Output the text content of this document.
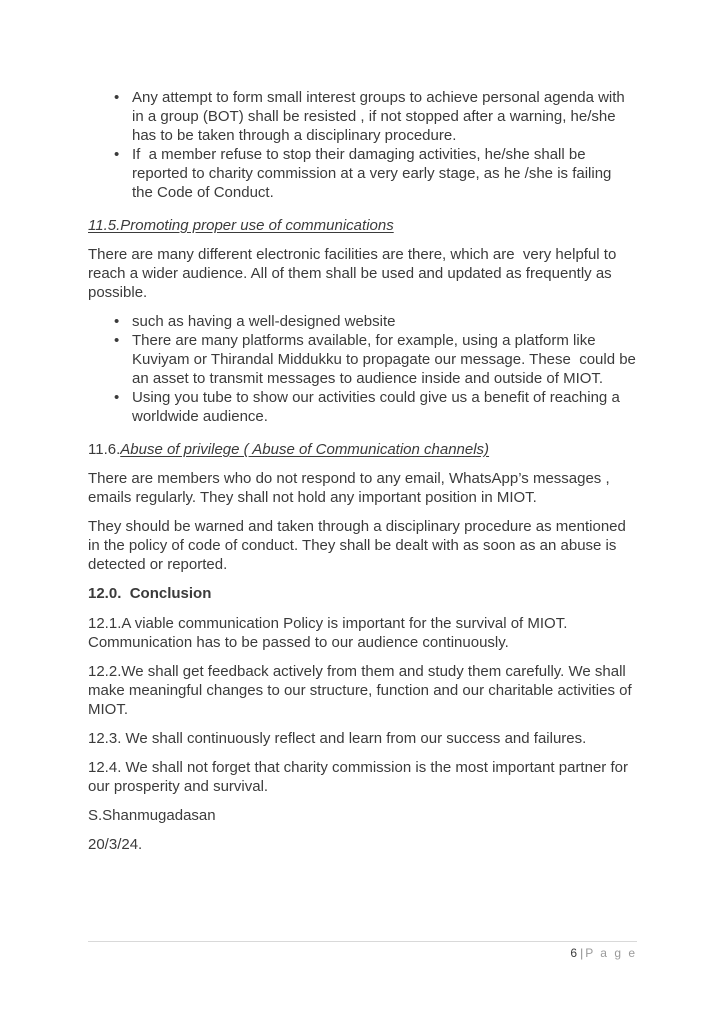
• Any attempt to form small interest groups to achieve personal agenda with in a group (BOT) shall be resisted , if not stopped after a warning, he/she has to be taken through a disciplinary procedure.
• If  a member refuse to stop their damaging activities, he/she shall be reported to charity commission at a very early stage, as he /she is failing the Code of Conduct.
11.5.Promoting proper use of communications

There are many different electronic facilities are there, which are  very helpful to reach a wider audience. All of them shall be used and updated as frequently as possible.

• such as having a well-designed website
• There are many platforms available, for example, using a platform like Kuviyam or Thirandal Middukku to propagate our message. These  could be an asset to transmit messages to audience inside and outside of MIOT.
• Using you tube to show our activities could give us a benefit of reaching a worldwide audience.
11.6.Abuse of privilege ( Abuse of Communication channels)

There are members who do not respond to any email, WhatsApp’s messages , emails regularly. They shall not hold any important position in MIOT.

They should be warned and taken through a disciplinary procedure as mentioned in the policy of code of conduct. They shall be dealt with as soon as an abuse is detected or reported.

12.0.  Conclusion

12.1.A viable communication Policy is important for the survival of MIOT. Communication has to be passed to our audience continuously.

12.2.We shall get feedback actively from them and study them carefully. We shall  make meaningful changes to our structure, function and our charitable activities of MIOT.

12.3. We shall continuously reflect and learn from our success and failures.

12.4. We shall not forget that charity commission is the most important partner for our prosperity and survival.

S.Shanmugadasan

20/3/24.

6 | P a g e
